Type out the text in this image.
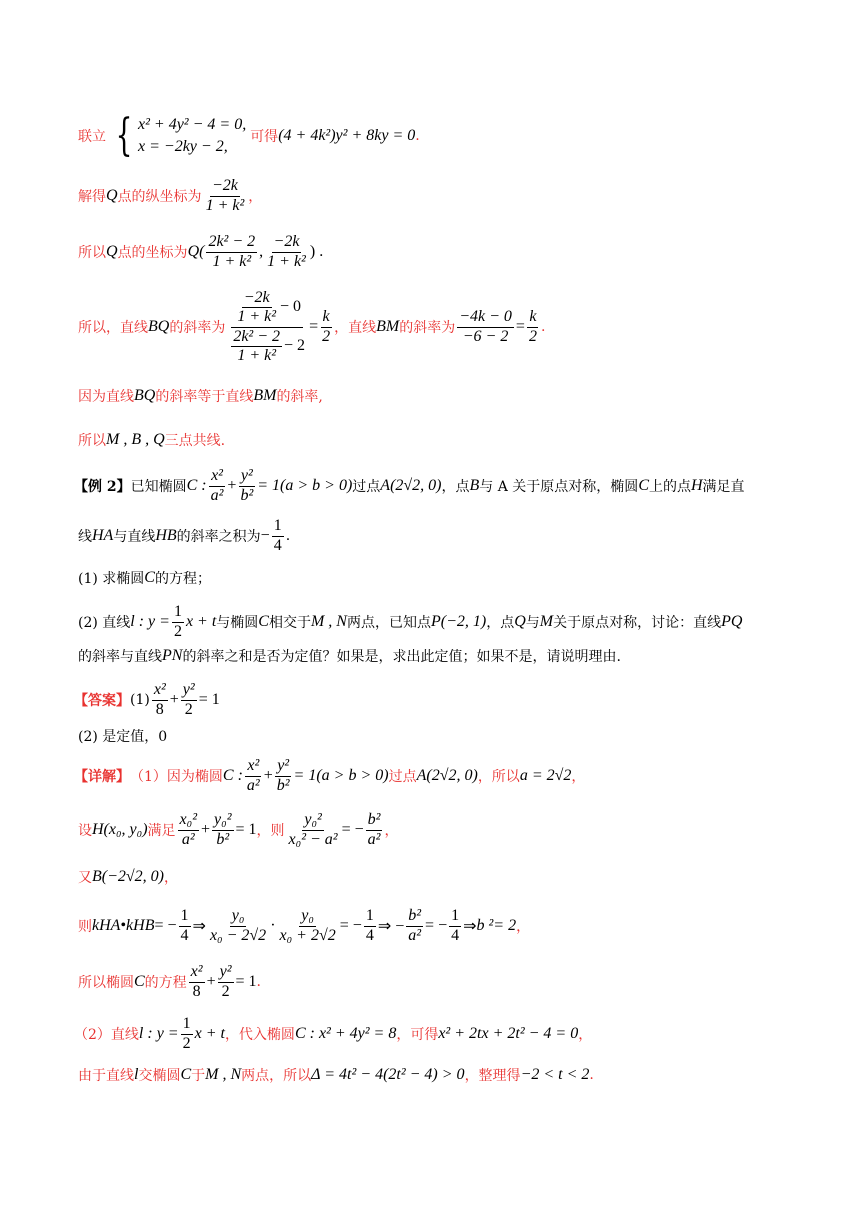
联立 { x² + 4y² − 4 = 0,
x = −2ky − 2,
可得 (4 + 4k²)y² + 8ky = 0 .
解得 Q 点的纵坐标为 $\frac{-2k}{\text{1 + k²}}$ ，
所以 Q 点的坐标为 $Q( \frac{\text{2k² − 2}}{\text{1 + k²}}$ , $\frac{-2k}{\text{1 + k²}}$ ) .
所以，直线 BQ 的斜率为 $\frac{\frac{-2k}{\text{1 + k²}} - 0}{\frac{\text{2k² − 2}}{\text{1 + k²}} - 2} = \frac{k}{2}$ ，直线 BM 的斜率为 $\frac{-4k - 0}{-6 - 2} = \frac{k}{2}$ .
因为直线 BQ 的斜率等于直线 BM 的斜率,
所以 M , B , Q 三点共线.
【例 2】 已知椭圆 C : $\frac{\text{x²}}{\text{a²}} + \frac{\text{y²}}{\text{b²}} = 1(a > b > 0)$ 过点 A(2√2, 0) ，点 B 与 A 关于原点对称，椭圆 C 上的点 H 满足直
线 HA 与直线 HB 的斜率之积为 − $\frac{1}{4}$ .
(1) 求椭圆 C 的方程；
(2) 直线 l : $y = \frac{1}{2}$ x + t 与椭圆 C 相交于 M , N 两点，已知点 P(−2, 1) ，点 Q 与 M 关于原点对称，讨论：直线 PQ
的斜率与直线 PN 的斜率之和是否为定值？如果是，求出此定值；如果不是，请说明理由.
【答案】 $(1) \frac{\text{x²}}{8} + \frac{\text{y²}}{2} = 1$
(2) 是定值，0
【详解】 （1）因为椭圆 C : $\frac{\text{x²}}{\text{a²}} + \frac{\text{y²}}{\text{b²}} = 1(a > b > 0)$ 过点 A(2√2, 0) ，所以 a = 2√2 ，
设 H(x₀, y₀) 满足 $\frac{\text{x₀²}}{\text{a²}} + \frac{\text{y₀²}}{\text{b²}} = 1$ ，则 $\frac{\text{y₀²}}{\text{x₀² − a²}}$ = − $\frac{\text{b²}}{\text{a²}}$ ，
又 B(−2√2, 0) ，
则 k HA • k HB = − $\frac{1}{4}$ ⇒ $\frac{\text{y₀}}{\text{x₀ − 2√2}} \cdot \frac{\text{y₀}}{\text{x₀ + 2√2}}$ = − $\frac{1}{4}$ ⇒ − $\frac{\text{b²}}{\text{a²}}$ = − $\frac{1}{4}$ ⇒ b ²= 2 ，
所以椭圆 C 的方程 $\frac{\text{x²}}{8} + \frac{\text{y²}}{2} = 1$ .
（2）直线 l : $y = \frac{1}{2}$ x + t ，代入椭圆 C : x² + 4y² = 8 ，可得 x² + 2tx + 2t² − 4 = 0 ，
由于直线 l 交椭圆 C 于 M , N 两点，所以 Δ = 4t² − 4(2t² − 4) > 0 ，整理得 −2 < t < 2 .
